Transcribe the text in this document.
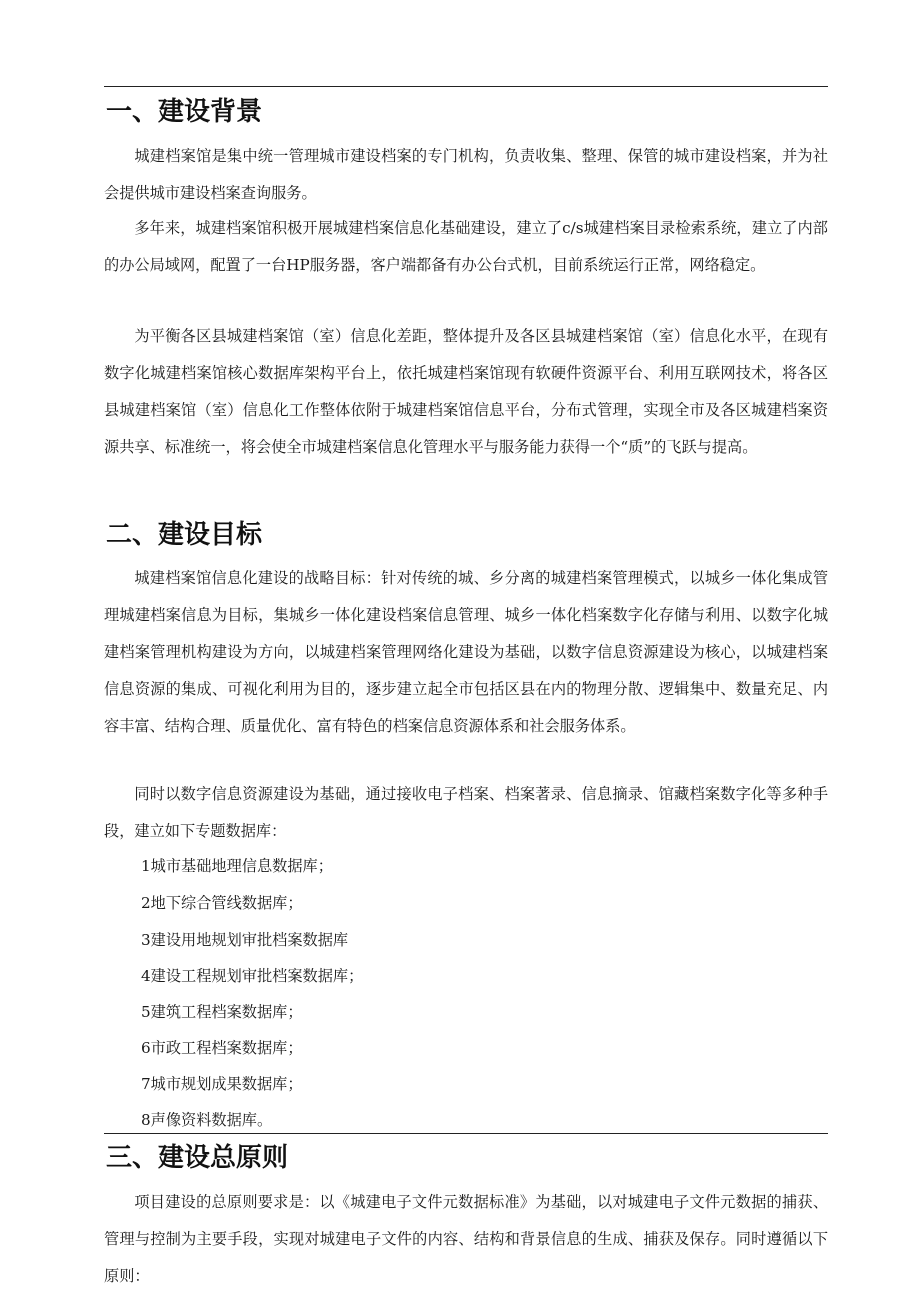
一、建设背景

城建档案馆是集中统一管理城市建设档案的专门机构，负责收集、整理、保管的城市建设档案，并为社会提供城市建设档案查询服务。

多年来，城建档案馆积极开展城建档案信息化基础建设，建立了c/s城建档案目录检索系统，建立了内部的办公局域网，配置了一台HP服务器，客户端都备有办公台式机，目前系统运行正常，网络稳定。

为平衡各区县城建档案馆（室）信息化差距，整体提升及各区县城建档案馆（室）信息化水平，在现有数字化城建档案馆核心数据库架构平台上，依托城建档案馆现有软硬件资源平台、利用互联网技术，将各区县城建档案馆（室）信息化工作整体依附于城建档案馆信息平台，分布式管理，实现全市及各区城建档案资源共享、标准统一，将会使全市城建档案信息化管理水平与服务能力获得一个“质”的飞跃与提高。

二、建设目标

城建档案馆信息化建设的战略目标：针对传统的城、乡分离的城建档案管理模式，以城乡一体化集成管理城建档案信息为目标，集城乡一体化建设档案信息管理、城乡一体化档案数字化存储与利用、以数字化城建档案管理机构建设为方向，以城建档案管理网络化建设为基础，以数字信息资源建设为核心，以城建档案信息资源的集成、可视化利用为目的，逐步建立起全市包括区县在内的物理分散、逻辑集中、数量充足、内容丰富、结构合理、质量优化、富有特色的档案信息资源体系和社会服务体系。

同时以数字信息资源建设为基础，通过接收电子档案、档案著录、信息摘录、馆藏档案数字化等多种手段，建立如下专题数据库：

1城市基础地理信息数据库；

2地下综合管线数据库；

3建设用地规划审批档案数据库

4建设工程规划审批档案数据库；

5建筑工程档案数据库；

6市政工程档案数据库；

7城市规划成果数据库；

8声像资料数据库。

三、建设总原则

项目建设的总原则要求是：以《城建电子文件元数据标准》为基础，以对城建电子文件元数据的捕获、管理与控制为主要手段，实现对城建电子文件的内容、结构和背景信息的生成、捕获及保存。同时遵循以下原则：
